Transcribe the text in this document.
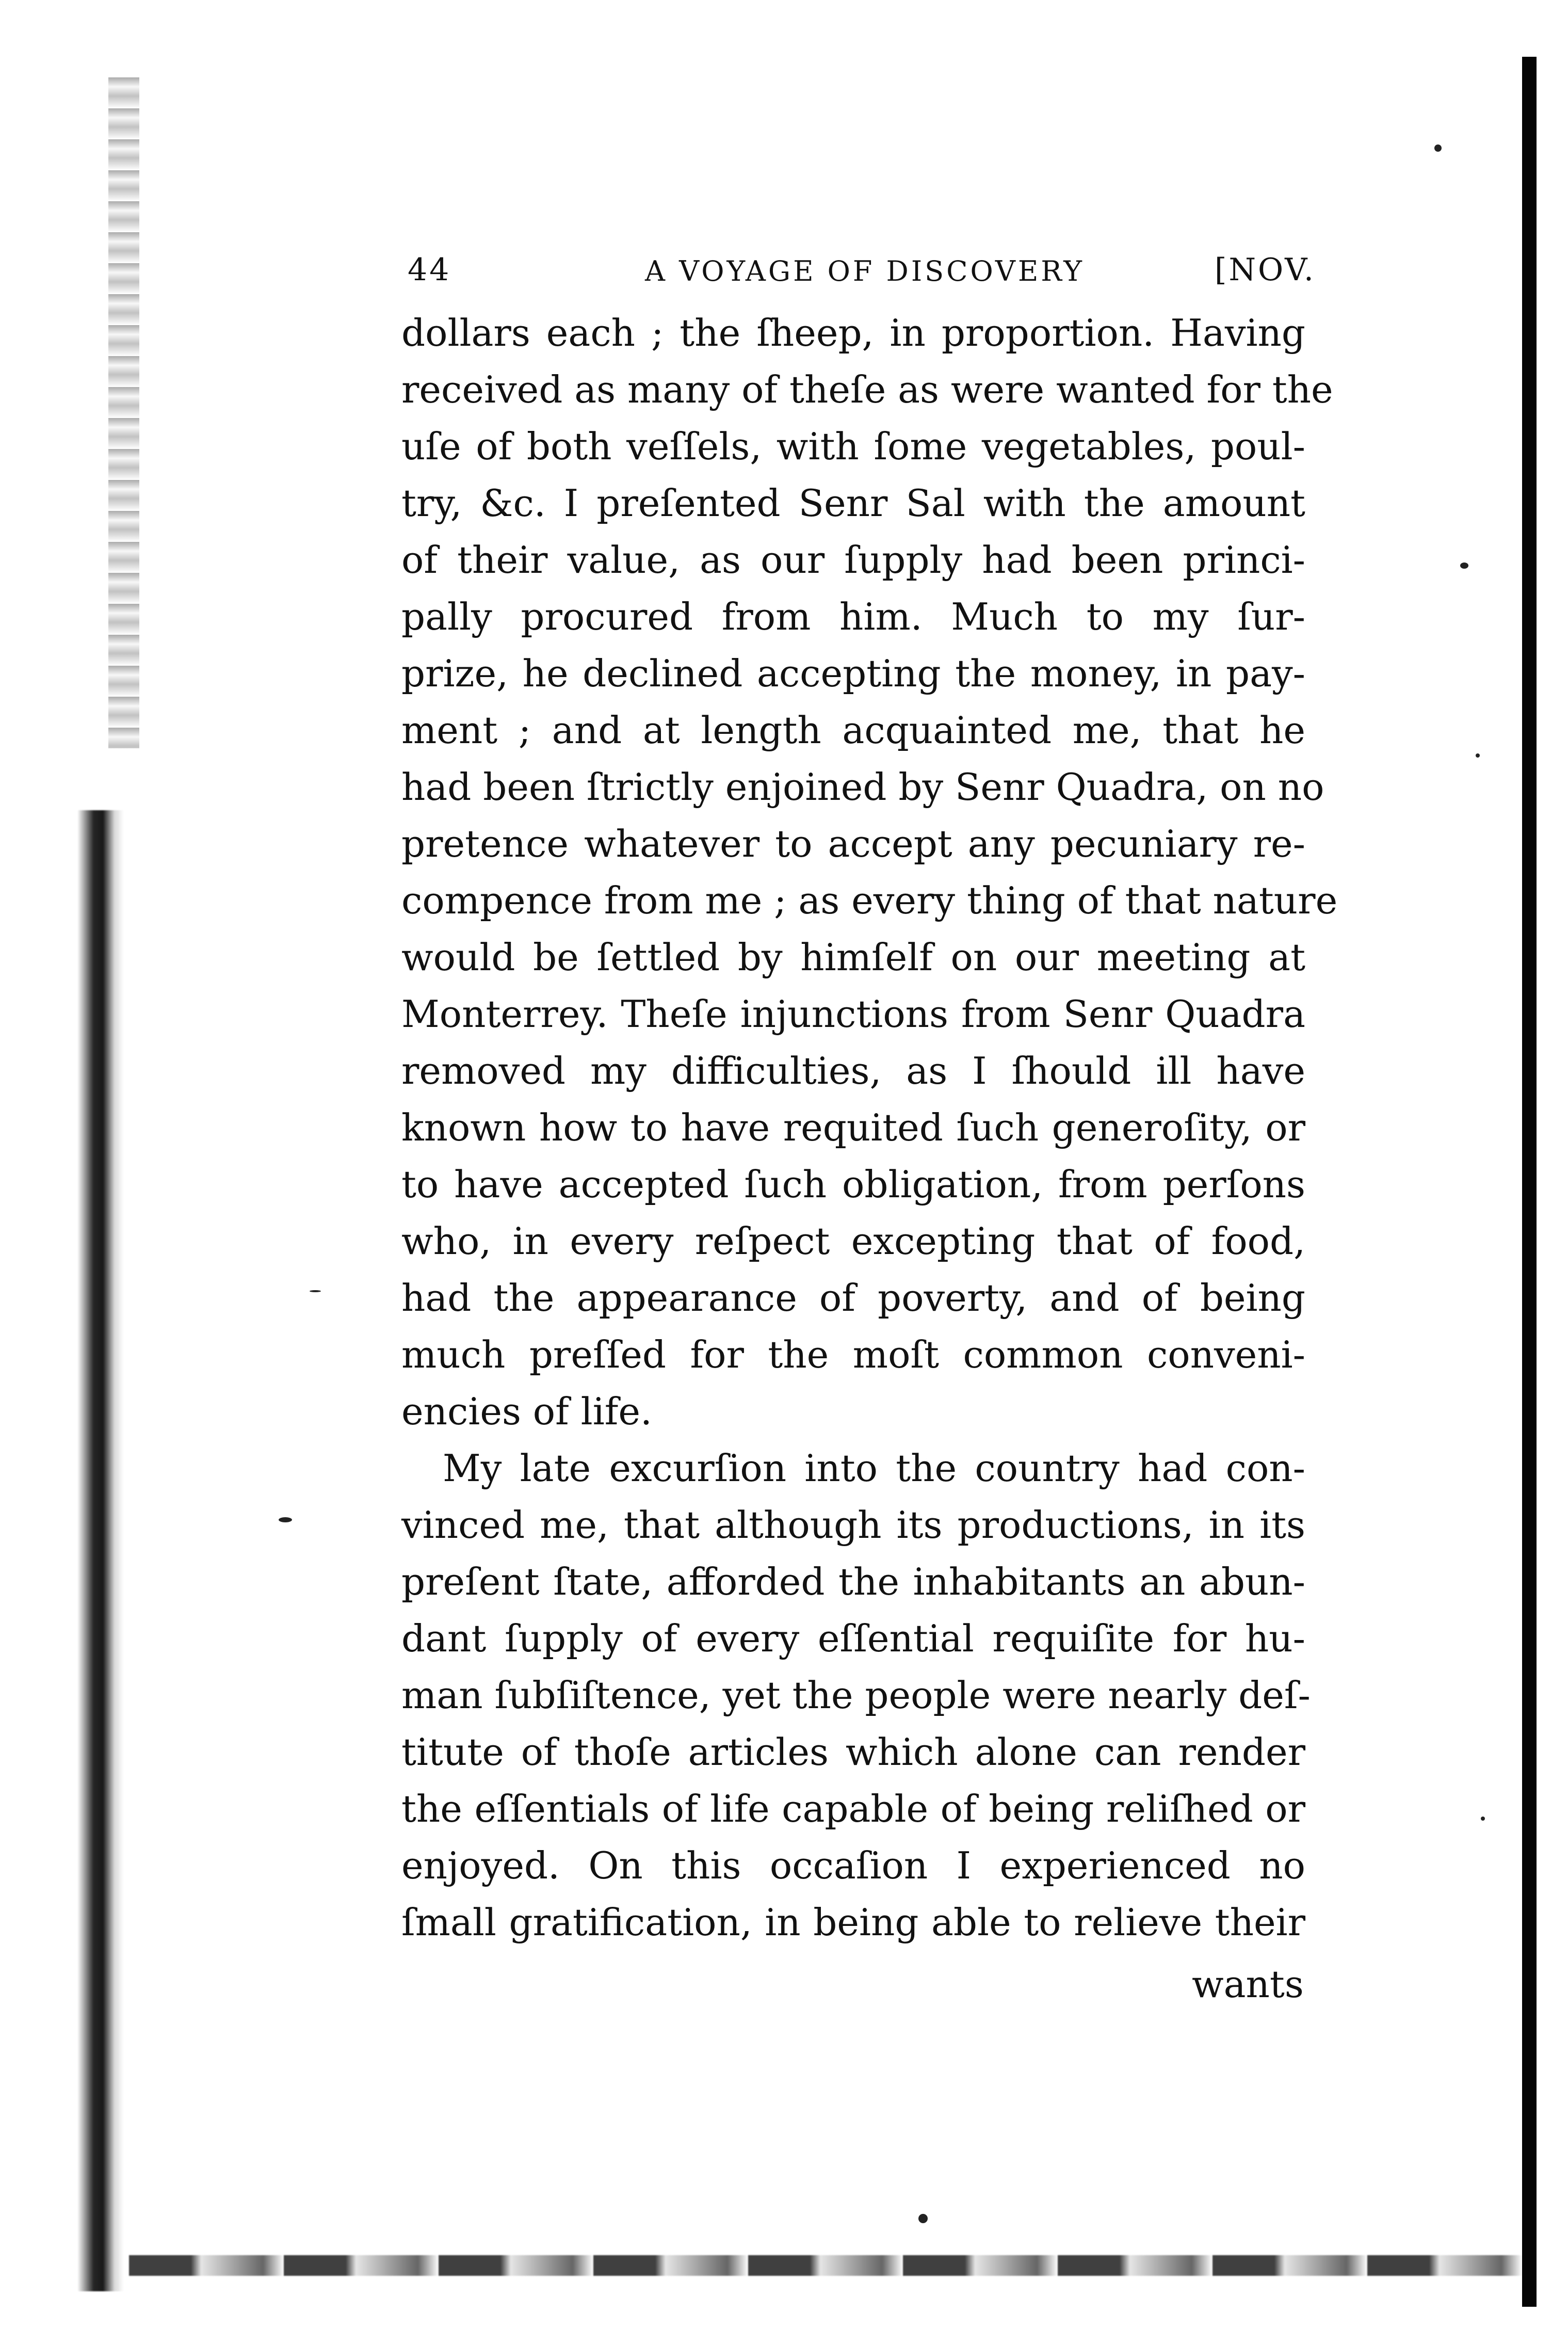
44	A VOYAGE OF DISCOVERY	[NOV.
dollars each ; the ſheep, in proportion. Having
received as many of theſe as were wanted for the
uſe of both veſſels, with ſome vegetables, poul-
try, &c. I preſented Senr Sal with the amount
of their value, as our ſupply had been princi-
pally procured from him. Much to my ſur-
prize, he declined accepting the money, in pay-
ment ; and at length acquainted me, that he
had been ſtrictly enjoined by Senr Quadra, on no
pretence whatever to accept any pecuniary re-
compence from me ; as every thing of that nature
would be ſettled by himſelf on our meeting at
Monterrey. Theſe injunctions from Senr Quadra
removed my difficulties, as I ſhould ill have
known how to have requited ſuch generoſity, or
to have accepted ſuch obligation, from perſons
who, in every reſpect excepting that of food,
had the appearance of poverty, and of being
much preſſed for the moſt common conveni-
encies of life.
My late excurſion into the country had con-
vinced me, that although its productions, in its
preſent ſtate, afforded the inhabitants an abun-
dant ſupply of every eſſential requiſite for hu-
man ſubſiſtence, yet the people were nearly deſ-
titute of thoſe articles which alone can render
the eſſentials of life capable of being reliſhed or
enjoyed. On this occaſion I experienced no
ſmall gratification, in being able to relieve their
wants
